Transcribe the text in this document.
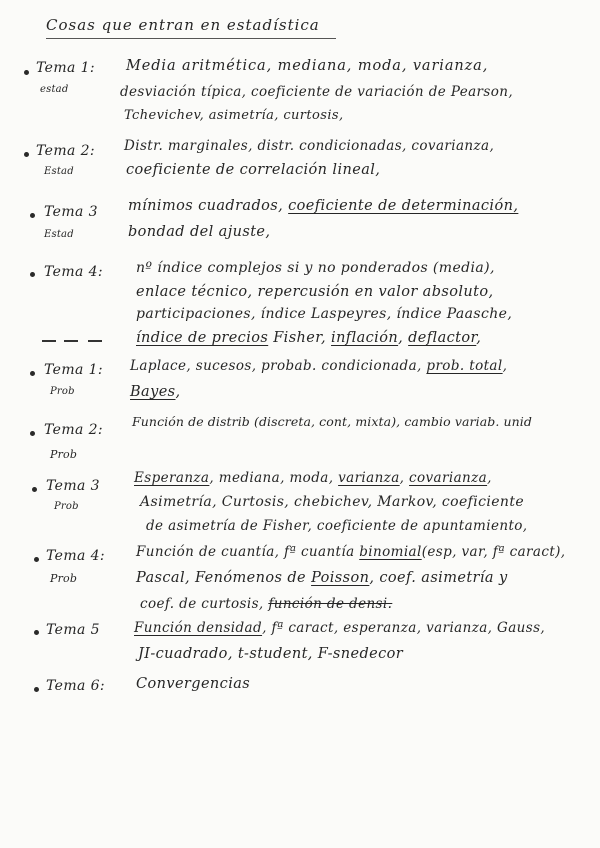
Cosas que entran en estadística
Tema 1:
estad
Media aritmética, mediana, moda, varianza,
desviación típica, coeficiente de variación de Pearson,
Tchevichev, asimetría, curtosis,
Tema 2:
Estad
Distr. marginales, distr. condicionadas, covarianza,
coeficiente de correlación lineal,
Tema 3
Estad
mínimos cuadrados, coeficiente de determinación,
bondad del ajuste,
Tema 4: nº índice complejos si y no ponderados (media),
enlace técnico, repercusión en valor absoluto,
participaciones, índice Laspeyres, índice Paasche,
índice de precios Fisher, inflación, deflactor,
Tema 1:
Prob
Laplace, sucesos, probab. condicionada, prob. total,
Bayes,
Tema 2:
Prob
Función de distrib (discreta, cont, mixta), cambio variab. unid
Tema 3
Prob
Esperanza, mediana, moda, varianza, covarianza,
Asimetría, Curtosis, chebichev, Markov, coeficiente
de asimetría de Fisher, coeficiente de apuntamiento,
Tema 4:
Prob
Función de cuantía, fª cuantía binomial(esp, var, fª caract),
Pascal, Fenómenos de Poisson, coef. asimetría y
coef. de curtosis, función de densi.
Tema 5	Función densidad, fª caract, esperanza, varianza, Gauss,
JI-cuadrado, t-student, F-snedecor
Tema 6: Convergencias
